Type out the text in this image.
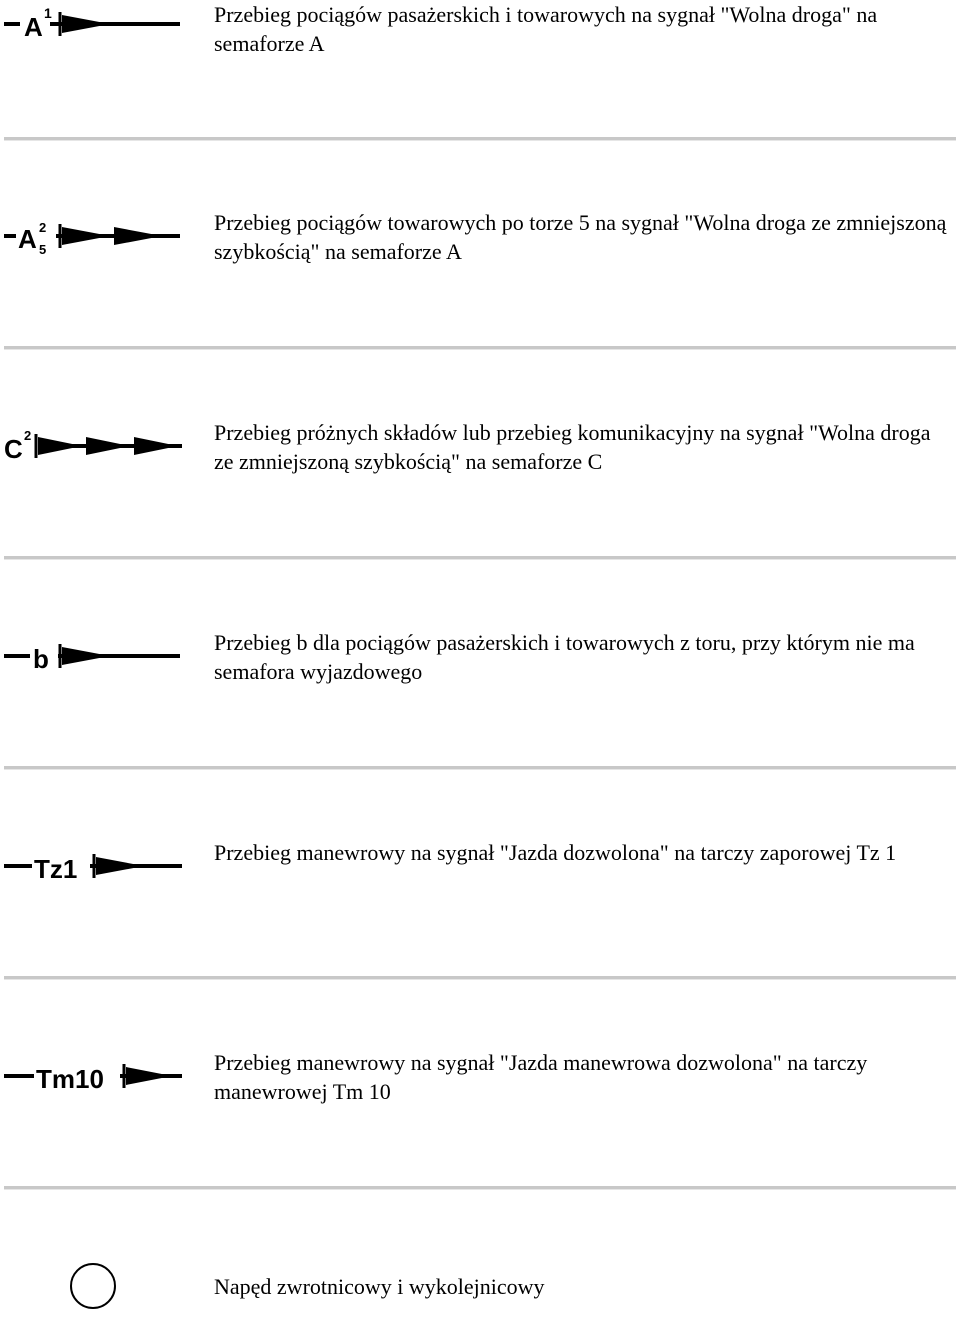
A 1	Przebieg pociągów pasażerskich i towarowych na sygnał "Wolna droga" na semaforze A

A 2
5

Przebieg pociągów towarowych po torze 5 na sygnał "Wolna droga ze zmniejszoną szybkością" na semaforze A

C 2	Przebieg próżnych składów lub przebieg komunikacyjny na sygnał "Wolna droga ze zmniejszoną szybkością" na semaforze C

b

Przebieg b dla pociągów pasażerskich i towarowych z toru, przy którym nie ma semafora wyjazdowego

Tz1

Przebieg manewrowy na sygnał "Jazda dozwolona" na tarczy zaporowej Tz 1

Tm10

Przebieg manewrowy na sygnał "Jazda manewrowa dozwolona" na tarczy manewrowej Tm 10

Napęd zwrotnicowy i wykolejnicowy
